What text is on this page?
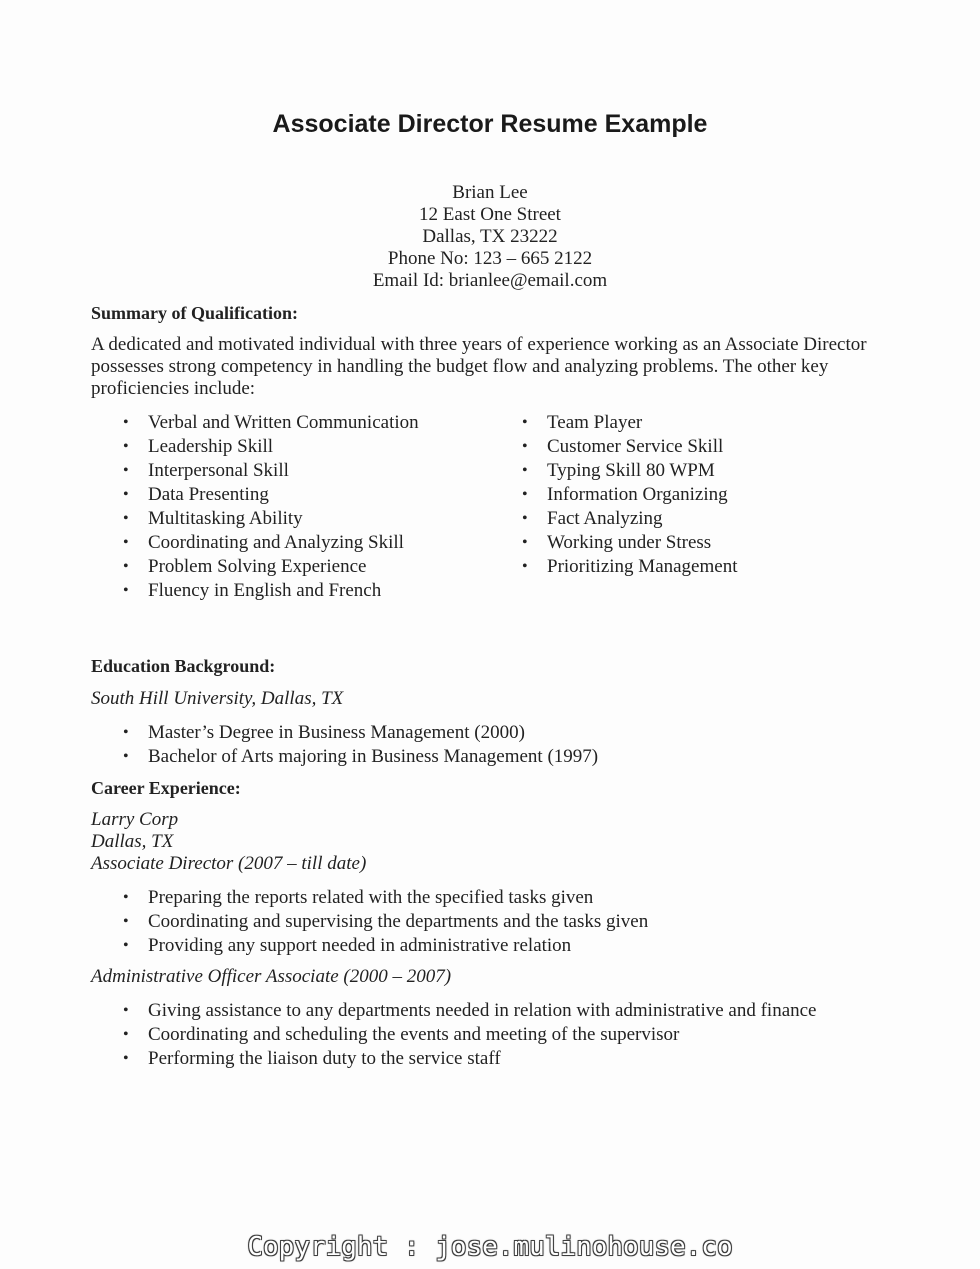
Associate Director Resume Example
Brian Lee
12 East One Street
Dallas, TX 23222
Phone No: 123 – 665 2122
Email Id: brianlee@email.com
Summary of Qualification:

A dedicated and motivated individual with three years of experience working as an Associate Director possesses strong competency in handling the budget flow and analyzing problems. The other key proficiencies include:

• Verbal and Written Communication
• Leadership Skill
• Interpersonal Skill
• Data Presenting
• Multitasking Ability
• Coordinating and Analyzing Skill
• Problem Solving Experience
• Fluency in English and French
• Team Player
• Customer Service Skill
• Typing Skill 80 WPM
• Information Organizing
• Fact Analyzing
• Working under Stress
• Prioritizing Management
Education Background:
South Hill University, Dallas, TX
• Master’s Degree in Business Management (2000)
• Bachelor of Arts majoring in Business Management (1997)
Career Experience:
Larry Corp
Dallas, TX
Associate Director (2007 – till date)
• Preparing the reports related with the specified tasks given
• Coordinating and supervising the departments and the tasks given
• Providing any support needed in administrative relation
Administrative Officer Associate (2000 – 2007)
• Giving assistance to any departments needed in relation with administrative and finance
• Coordinating and scheduling the events and meeting of the supervisor
• Performing the liaison duty to the service staff
Copyright : jose.mulinohouse.co
